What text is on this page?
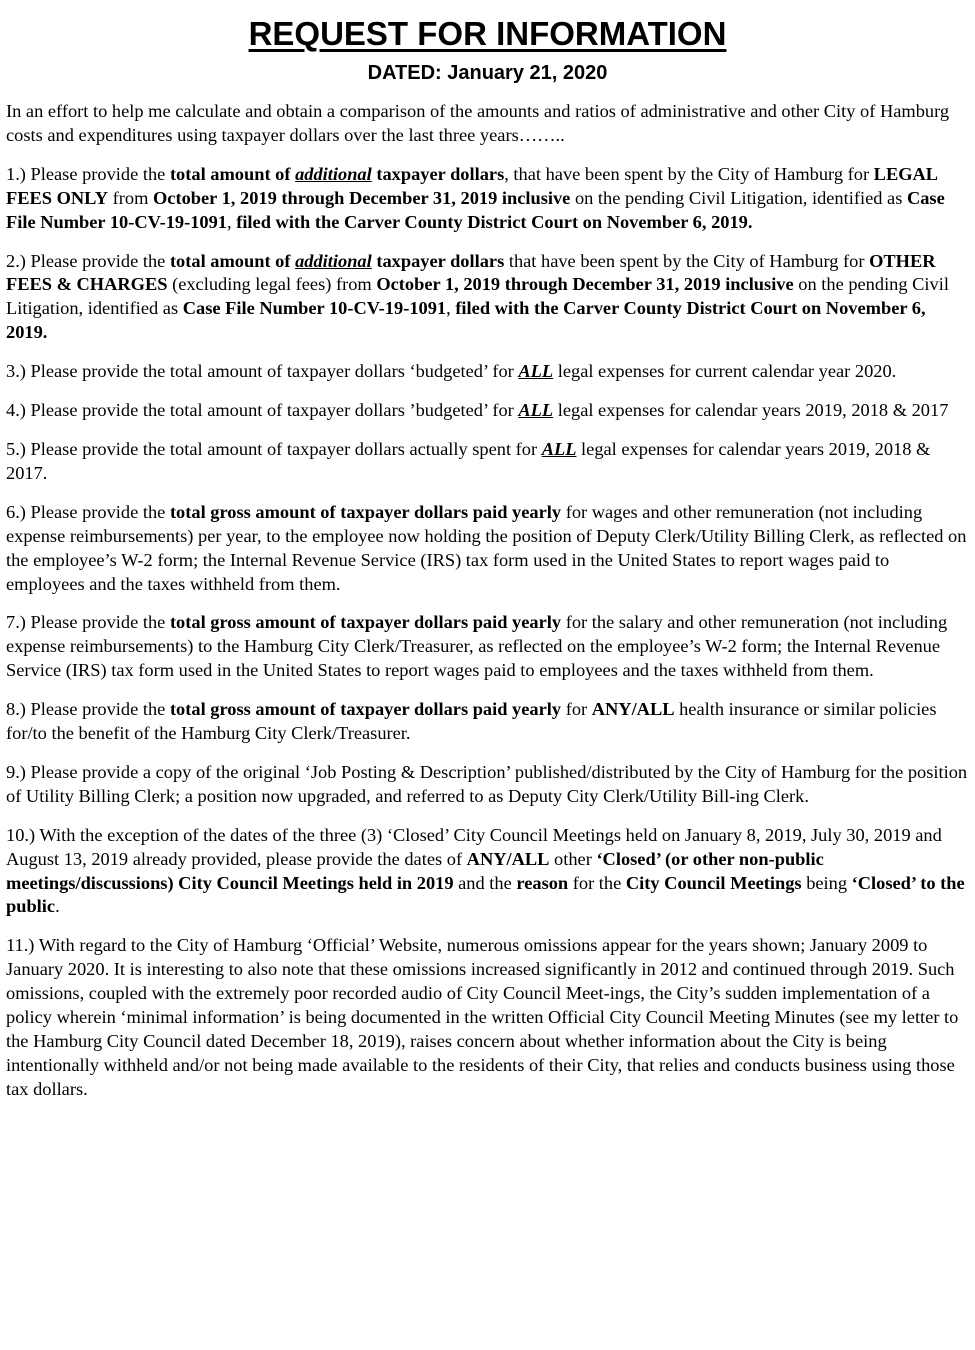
REQUEST FOR INFORMATION
DATED: January 21, 2020

In an effort to help me calculate and obtain a comparison of the amounts and ratios of administrative and other City of Hamburg costs and expenditures using taxpayer dollars over the last three years……..

1.) Please provide the total amount of additional taxpayer dollars, that have been spent by the City of Hamburg for LEGAL FEES ONLY from October 1, 2019 through December 31, 2019 inclusive on the pending Civil Litigation, identified as Case File Number 10-CV-19-1091, filed with the Carver County District Court on November 6, 2019.

2.) Please provide the total amount of additional taxpayer dollars that have been spent by the City of Hamburg for OTHER FEES & CHARGES (excluding legal fees) from October 1, 2019 through December 31, 2019 inclusive on the pending Civil Litigation, identified as Case File Number 10-CV-19-1091, filed with the Carver County District Court on November 6, 2019.

3.) Please provide the total amount of taxpayer dollars ‘budgeted’ for ALL legal expenses for current calendar year 2020.

4.) Please provide the total amount of taxpayer dollars ’budgeted’ for ALL legal expenses for calendar years 2019, 2018 & 2017

5.) Please provide the total amount of taxpayer dollars actually spent for ALL legal expenses for calendar years 2019, 2018 & 2017.

6.) Please provide the total gross amount of taxpayer dollars paid yearly for wages and other remuneration (not including expense reimbursements) per year, to the employee now holding the position of Deputy Clerk/Utility Billing Clerk, as reflected on the employee’s W-2 form; the Internal Revenue Service (IRS) tax form used in the United States to report wages paid to employees and the taxes withheld from them.

7.) Please provide the total gross amount of taxpayer dollars paid yearly for the salary and other remuneration (not including expense reimbursements) to the Hamburg City Clerk/Treasurer, as reflected on the employee’s W-2 form; the Internal Revenue Service (IRS) tax form used in the United States to report wages paid to employees and the taxes withheld from them.

8.) Please provide the total gross amount of taxpayer dollars paid yearly for ANY/ALL health insurance or similar policies for/to the benefit of the Hamburg City Clerk/Treasurer.

9.) Please provide a copy of the original ‘Job Posting & Description’ published/distributed by the City of Hamburg for the position of Utility Billing Clerk; a position now upgraded, and referred to as Deputy City Clerk/Utility Bill-ing Clerk.

10.) With the exception of the dates of the three (3) ‘Closed’ City Council Meetings held on January 8, 2019, July 30, 2019 and August 13, 2019 already provided, please provide the dates of ANY/ALL other ‘Closed’ (or other non-public meetings/discussions) City Council Meetings held in 2019 and the reason for the City Council Meetings being ‘Closed’ to the public.

11.) With regard to the City of Hamburg ‘Official’ Website, numerous omissions appear for the years shown; January 2009 to January 2020. It is interesting to also note that these omissions increased significantly in 2012 and continued through 2019. Such omissions, coupled with the extremely poor recorded audio of City Council Meet-ings, the City’s sudden implementation of a policy wherein ‘minimal information’ is being documented in the written Official City Council Meeting Minutes (see my letter to the Hamburg City Council dated December 18, 2019), raises concern about whether information about the City is being intentionally withheld and/or not being made available to the residents of their City, that relies and conducts business using those tax dollars.
